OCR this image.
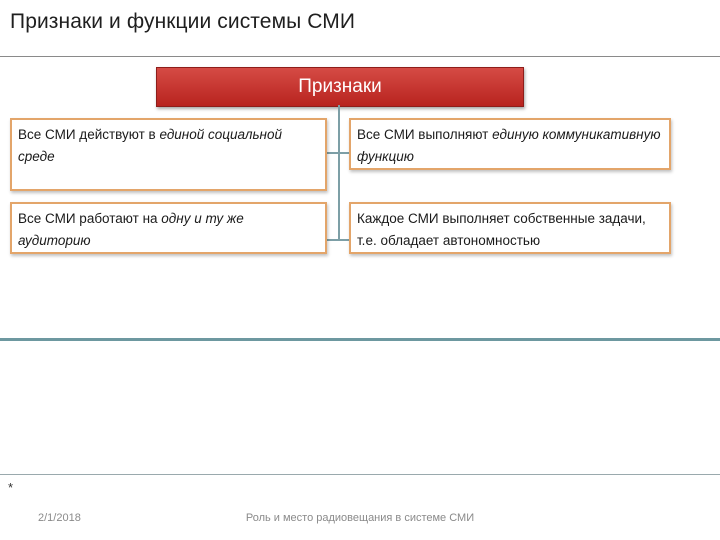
Признаки и функции системы СМИ
Признаки
Все СМИ действуют в единой социальной среде
Все СМИ выполняют единую коммуникативную функцию
Все СМИ работают на одну и ту же аудиторию
Каждое СМИ выполняет собственные задачи, т.е. обладает автономностью
*
2/1/2018	Роль и место радиовещания в системе СМИ
